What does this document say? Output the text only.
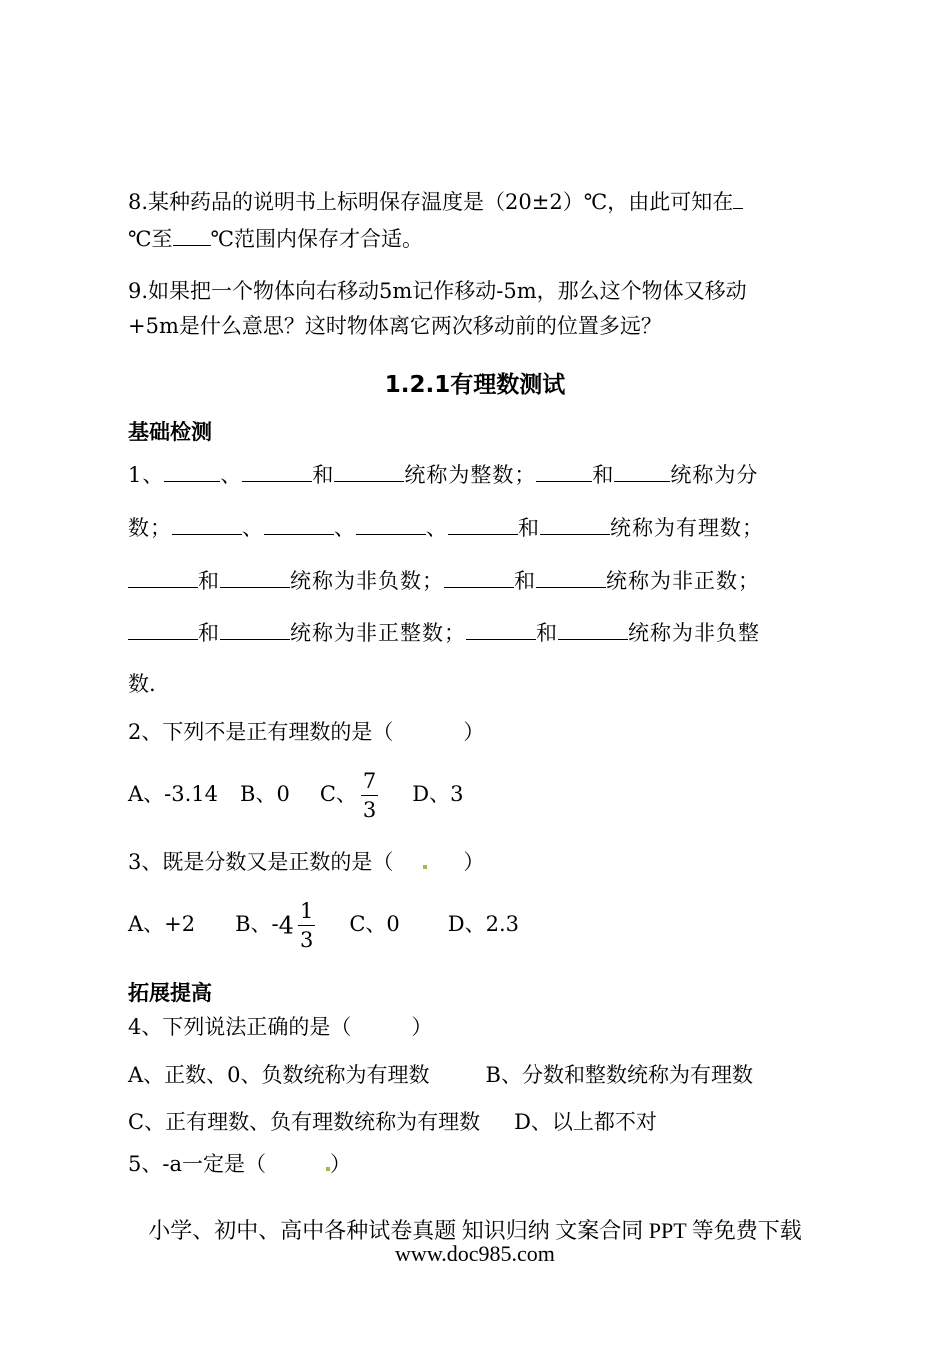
8.某种药品的说明书上标明保存温度是（20±2）℃，由此可知在
℃至 ℃范围内保存才合适。
9.如果把一个物体向右移动5m记作移动-5m，那么这个物体又移动
+5m是什么意思？这时物体离它两次移动前的位置多远？
1.2.1有理数测试
基础检测
1、	、	和	统称为整数；	和	统称为分
数；	、	、	、	和	统称为有理数；
和	统称为非负数；	和	统称为非正数；
和	统称为非正整数；	和	统称为非负整
数.
2、下列不是正有理数的是（	）
A、-3.14 B、0 C、 $\frac{7}{3}$ D、3
3、既是分数又是正数的是（	）
A、+2 B、$-4 \frac{1}{3}$ C、0 D、2.3
拓展提高
4、下列说法正确的是（	）
A、正数、0、负数统称为有理数	B、分数和整数统称为有理数
C、正有理数、负有理数统称为有理数 D、以上都不对
5、-a一定是（	）
小学、初中、高中各种试卷真题 知识归纳 文案合同 PPT 等免费下载
www.doc985.com
